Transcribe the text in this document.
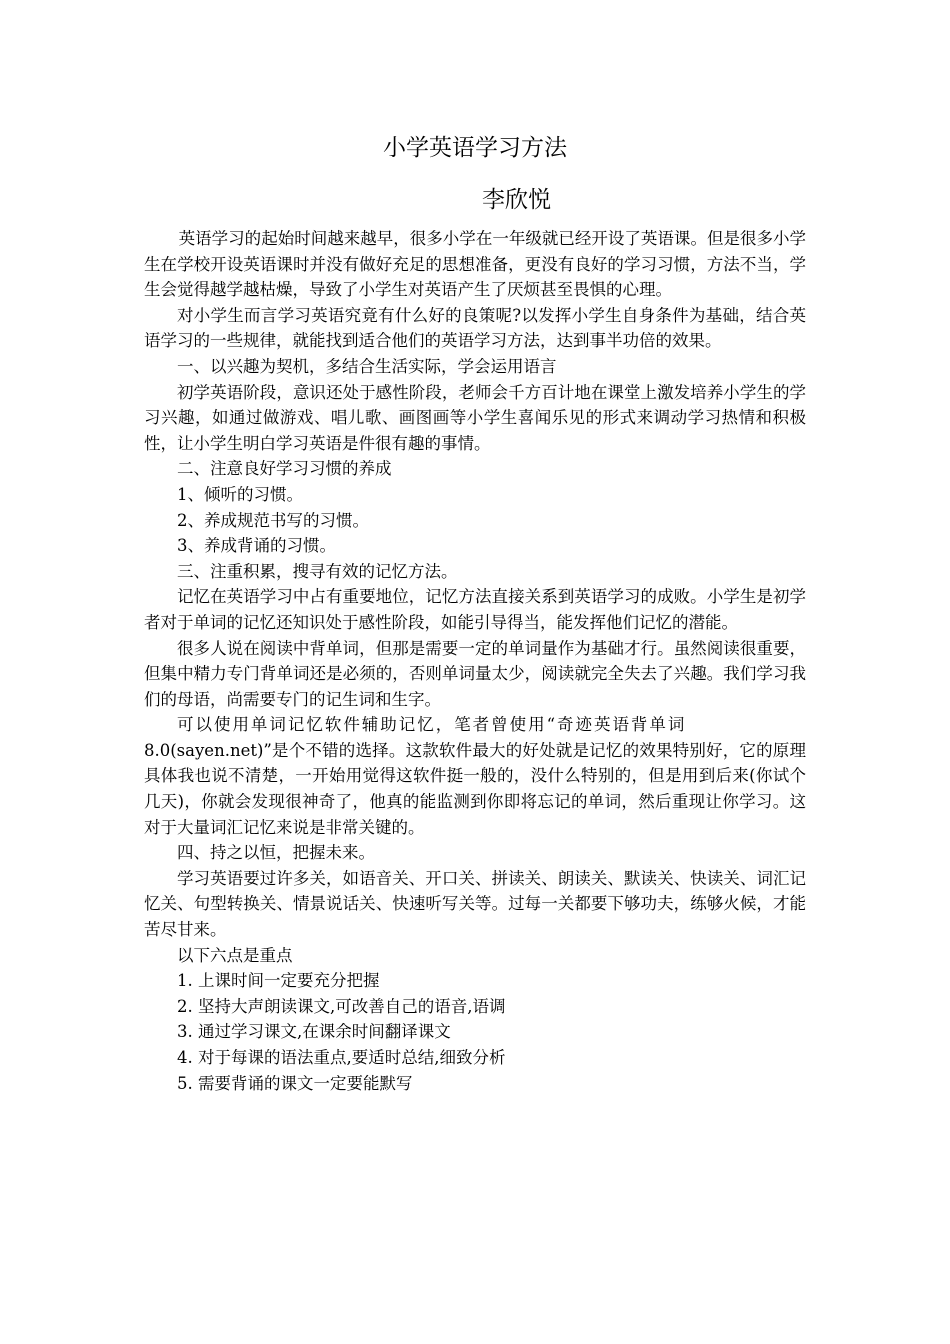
小学英语学习方法
李欣悦

英语学习的起始时间越来越早，很多小学在一年级就已经开设了英语课。但是很多小学生在学校开设英语课时并没有做好充足的思想准备，更没有良好的学习习惯，方法不当，学生会觉得越学越枯燥，导致了小学生对英语产生了厌烦甚至畏惧的心理。

对小学生而言学习英语究竟有什么好的良策呢?以发挥小学生自身条件为基础，结合英语学习的一些规律，就能找到适合他们的英语学习方法，达到事半功倍的效果。

一、以兴趣为契机，多结合生活实际，学会运用语言

初学英语阶段，意识还处于感性阶段，老师会千方百计地在课堂上激发培养小学生的学习兴趣，如通过做游戏、唱儿歌、画图画等小学生喜闻乐见的形式来调动学习热情和积极性，让小学生明白学习英语是件很有趣的事情。

二、注意良好学习习惯的养成

1、倾听的习惯。

2、养成规范书写的习惯。

3、养成背诵的习惯。

三、注重积累，搜寻有效的记忆方法。

记忆在英语学习中占有重要地位，记忆方法直接关系到英语学习的成败。小学生是初学者对于单词的记忆还知识处于感性阶段，如能引导得当，能发挥他们记忆的潜能。

很多人说在阅读中背单词，但那是需要一定的单词量作为基础才行。虽然阅读很重要，但集中精力专门背单词还是必须的，否则单词量太少，阅读就完全失去了兴趣。我们学习我们的母语，尚需要专门的记生词和生字。

可以使用单词记忆软件辅助记忆，笔者曾使用“奇迹英语背单词

8.0(sayen.net)”是个不错的选择。这款软件最大的好处就是记忆的效果特别好，它的原理具体我也说不清楚，一开始用觉得这软件挺一般的，没什么特别的，但是用到后来(你试个几天)，你就会发现很神奇了，他真的能监测到你即将忘记的单词，然后重现让你学习。这对于大量词汇记忆来说是非常关键的。

四、持之以恒，把握未来。

学习英语要过许多关，如语音关、开口关、拼读关、朗读关、默读关、快读关、词汇记忆关、句型转换关、情景说话关、快速听写关等。过每一关都要下够功夫，练够火候，才能苦尽甘来。

以下六点是重点

1. 上课时间一定要充分把握

2. 坚持大声朗读课文,可改善自己的语音,语调

3. 通过学习课文,在课余时间翻译课文

4. 对于每课的语法重点,要适时总结,细致分析

5. 需要背诵的课文一定要能默写
